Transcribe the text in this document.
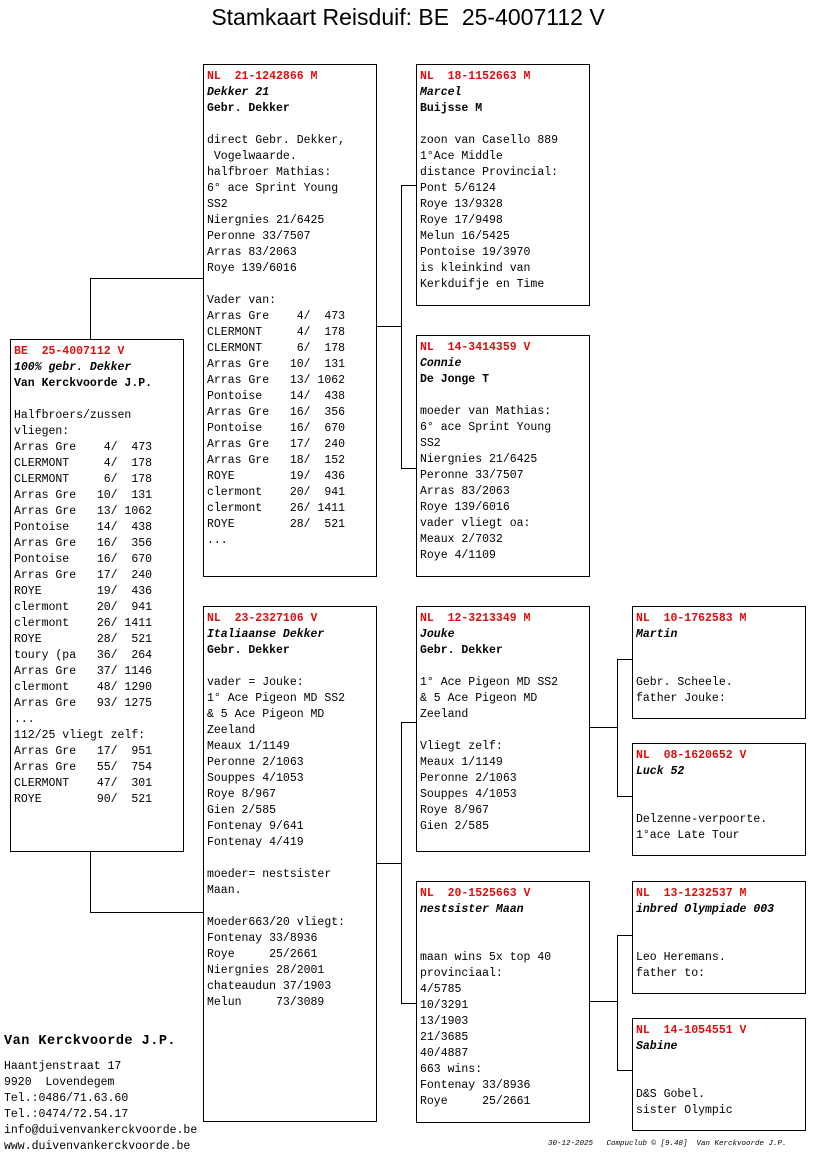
Stamkaart Reisduif: BE  25-4007112 V
BE  25-4007112 V
100% gebr. Dekker
Van Kerckvoorde J.P.
Halfbroers/zussen
vliegen:
Arras Gre    4/  473
CLERMONT     4/  178
CLERMONT     6/  178
Arras Gre   10/  131
Arras Gre   13/ 1062
Pontoise    14/  438
Arras Gre   16/  356
Pontoise    16/  670
Arras Gre   17/  240
ROYE        19/  436
clermont    20/  941
clermont    26/ 1411
ROYE        28/  521
toury (pa   36/  264
Arras Gre   37/ 1146
clermont    48/ 1290
Arras Gre   93/ 1275
...
112/25 vliegt zelf:
Arras Gre   17/  951
Arras Gre   55/  754
CLERMONT    47/  301
ROYE        90/  521
NL  21-1242866 M
Dekker 21
Gebr. Dekker
direct Gebr. Dekker,
Vogelwaarde.
halfbroer Mathias:
6° ace Sprint Young
SS2
Niergnies 21/6425
Peronne 33/7507
Arras 83/2063
Roye 139/6016
Vader van:
Arras Gre    4/  473
CLERMONT     4/  178
CLERMONT     6/  178
Arras Gre   10/  131
Arras Gre   13/ 1062
Pontoise    14/  438
Arras Gre   16/  356
Pontoise    16/  670
Arras Gre   17/  240
Arras Gre   18/  152
ROYE        19/  436
clermont    20/  941
clermont    26/ 1411
ROYE        28/  521
...
NL  23-2327106 V
Italiaanse Dekker
Gebr. Dekker
vader = Jouke:
1° Ace Pigeon MD SS2
& 5 Ace Pigeon MD
Zeeland
Meaux 1/1149
Peronne 2/1063
Souppes 4/1053
Roye 8/967
Gien 2/585
Fontenay 9/641
Fontenay 4/419
moeder= nestsister
Maan.
Moeder663/20 vliegt:
Fontenay 33/8936
Roye     25/2661
Niergnies 28/2001
chateaudun 37/1903
Melun     73/3089
NL  18-1152663 M
Marcel
Buijsse M
zoon van Casello 889
1°Ace Middle
distance Provincial:
Pont 5/6124
Roye 13/9328
Roye 17/9498
Melun 16/5425
Pontoise 19/3970
is kleinkind van
Kerkduifje en Time
NL  14-3414359 V
Connie
De Jonge T
moeder van Mathias:
6° ace Sprint Young
SS2
Niergnies 21/6425
Peronne 33/7507
Arras 83/2063
Roye 139/6016
vader vliegt oa:
Meaux 2/7032
Roye 4/1109
NL  12-3213349 M
Jouke
Gebr. Dekker
1° Ace Pigeon MD SS2
& 5 Ace Pigeon MD
Zeeland
Vliegt zelf:
Meaux 1/1149
Peronne 2/1063
Souppes 4/1053
Roye 8/967
Gien 2/585
NL  20-1525663 V
nestsister Maan
maan wins 5x top 40
provinciaal:
4/5785
10/3291
13/1903
21/3685
40/4887
663 wins:
Fontenay 33/8936
Roye     25/2661
NL  10-1762583 M
Martin
Gebr. Scheele.
father Jouke:
NL  08-1620652 V
Luck 52
Delzenne-verpoorte.
1°ace Late Tour
NL  13-1232537 M
inbred Olympiade 003
Leo Heremans.
father to:
NL  14-1054551 V
Sabine
D&S Gobel.
sister Olympic
Van Kerckvoorde J.P.
Haantjenstraat 17
9920  Lovendegem
Tel.:0486/71.63.60
Tel.:0474/72.54.17
info@duivenvankerckvoorde.be
www.duivenvankerckvoorde.be	30-12-2025   Compuclub © [9.48]  Van Kerckvoorde J.P.
